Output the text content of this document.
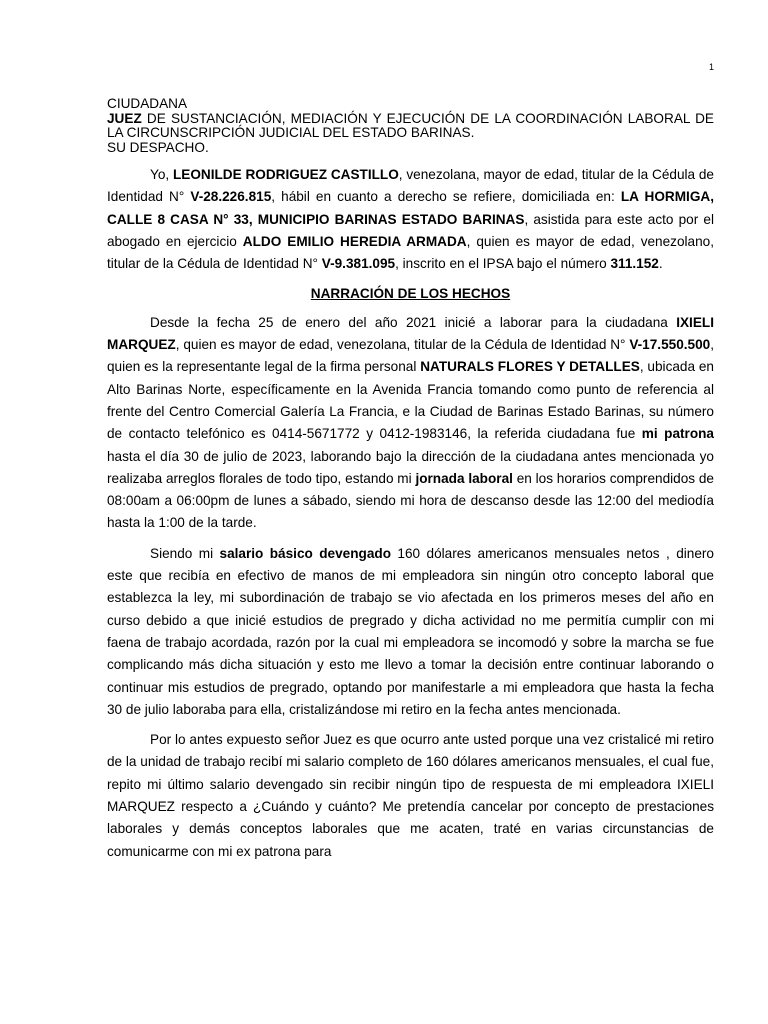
1
CIUDADANA
JUEZ DE SUSTANCIACIÓN, MEDIACIÓN Y EJECUCIÓN DE LA COORDINACIÓN LABORAL DE LA CIRCUNSCRIPCIÓN JUDICIAL DEL ESTADO BARINAS.
SU DESPACHO.

Yo, LEONILDE RODRIGUEZ CASTILLO, venezolana, mayor de edad, titular de la Cédula de Identidad N° V-28.226.815, hábil en cuanto a derecho se refiere, domiciliada en: LA HORMIGA, CALLE 8 CASA N° 33, MUNICIPIO BARINAS ESTADO BARINAS, asistida para este acto por el abogado en ejercicio ALDO EMILIO HEREDIA ARMADA, quien es mayor de edad, venezolano, titular de la Cédula de Identidad N° V-9.381.095, inscrito en el IPSA bajo el número 311.152.

NARRACIÓN DE LOS HECHOS

Desde la fecha 25 de enero del año 2021 inicié a laborar para la ciudadana IXIELI MARQUEZ, quien es mayor de edad, venezolana, titular de la Cédula de Identidad N° V-17.550.500, quien es la representante legal de la firma personal NATURALS FLORES Y DETALLES, ubicada en Alto Barinas Norte, específicamente en la Avenida Francia tomando como punto de referencia al frente del Centro Comercial Galería La Francia, e la Ciudad de Barinas Estado Barinas, su número de contacto telefónico es 0414-5671772 y 0412-1983146, la referida ciudadana fue mi patrona hasta el día 30 de julio de 2023, laborando bajo la dirección de la ciudadana antes mencionada yo realizaba arreglos florales de todo tipo, estando mi jornada laboral en los horarios comprendidos de 08:00am a 06:00pm de lunes a sábado, siendo mi hora de descanso desde las 12:00 del mediodía hasta la 1:00 de la tarde.

Siendo mi salario básico devengado 160 dólares americanos mensuales netos , dinero este que recibía en efectivo de manos de mi empleadora sin ningún otro concepto laboral que establezca la ley, mi subordinación de trabajo se vio afectada en los primeros meses del año en curso debido a que inicié estudios de pregrado y dicha actividad no me permitía cumplir con mi faena de trabajo acordada, razón por la cual mi empleadora se incomodó y sobre la marcha se fue complicando más dicha situación y esto me llevo a tomar la decisión entre continuar laborando o continuar mis estudios de pregrado, optando por manifestarle a mi empleadora que hasta la fecha 30 de julio laboraba para ella, cristalizándose mi retiro en la fecha antes mencionada.

Por lo antes expuesto señor Juez es que ocurro ante usted porque una vez cristalicé mi retiro de la unidad de trabajo recibí mi salario completo de 160 dólares americanos mensuales, el cual fue, repito mi último salario devengado sin recibir ningún tipo de respuesta de mi empleadora IXIELI MARQUEZ respecto a ¿Cuándo y cuánto? Me pretendía cancelar por concepto de prestaciones laborales y demás conceptos laborales que me acaten, traté en varias circunstancias de comunicarme con mi ex patrona para
